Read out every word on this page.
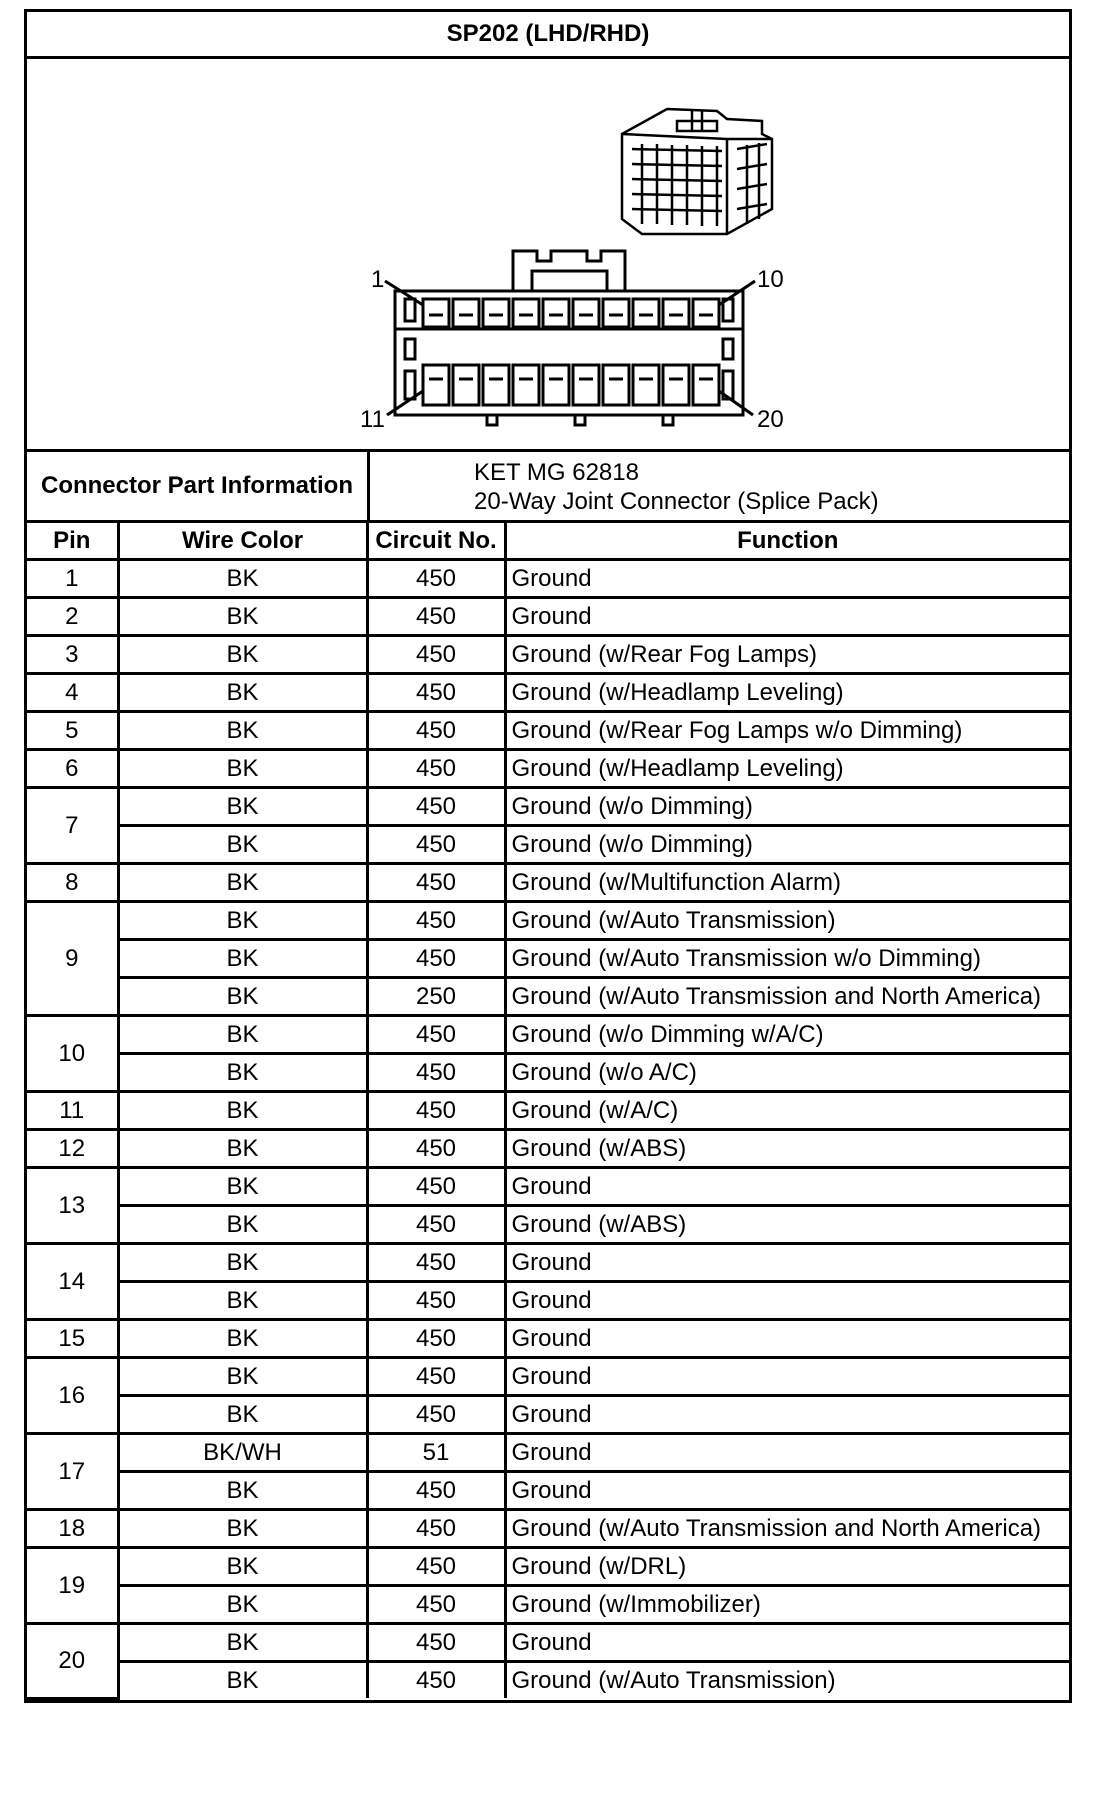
SP202 (LHD/RHD)
1	10
11	20
Connector Part Information	KET MG 62818
20-Way Joint Connector (Splice Pack)
Pin	Wire Color	Circuit No.	Function
1	BK	450	Ground
2	BK	450	Ground
3	BK	450	Ground (w/Rear Fog Lamps)
4	BK	450	Ground (w/Headlamp Leveling)
5	BK	450	Ground (w/Rear Fog Lamps w/o Dimming)
6	BK	450	Ground (w/Headlamp Leveling)
7	BK	450	Ground (w/o Dimming)
	BK	450	Ground (w/o Dimming)
8	BK	450	Ground (w/Multifunction Alarm)
9	BK	450	Ground (w/Auto Transmission)
	BK	450	Ground (w/Auto Transmission w/o Dimming)
	BK	250	Ground (w/Auto Transmission and North America)
10	BK	450	Ground (w/o Dimming w/A/C)
	BK	450	Ground (w/o A/C)
11	BK	450	Ground (w/A/C)
12	BK	450	Ground (w/ABS)
13	BK	450	Ground
	BK	450	Ground (w/ABS)
14	BK	450	Ground
	BK	450	Ground
15	BK	450	Ground
16	BK	450	Ground
	BK	450	Ground
17	BK/WH	51	Ground
	BK	450	Ground
18	BK	450	Ground (w/Auto Transmission and North America)
19	BK	450	Ground (w/DRL)
	BK	450	Ground (w/Immobilizer)
20	BK	450	Ground
	BK	450	Ground (w/Auto Transmission)
